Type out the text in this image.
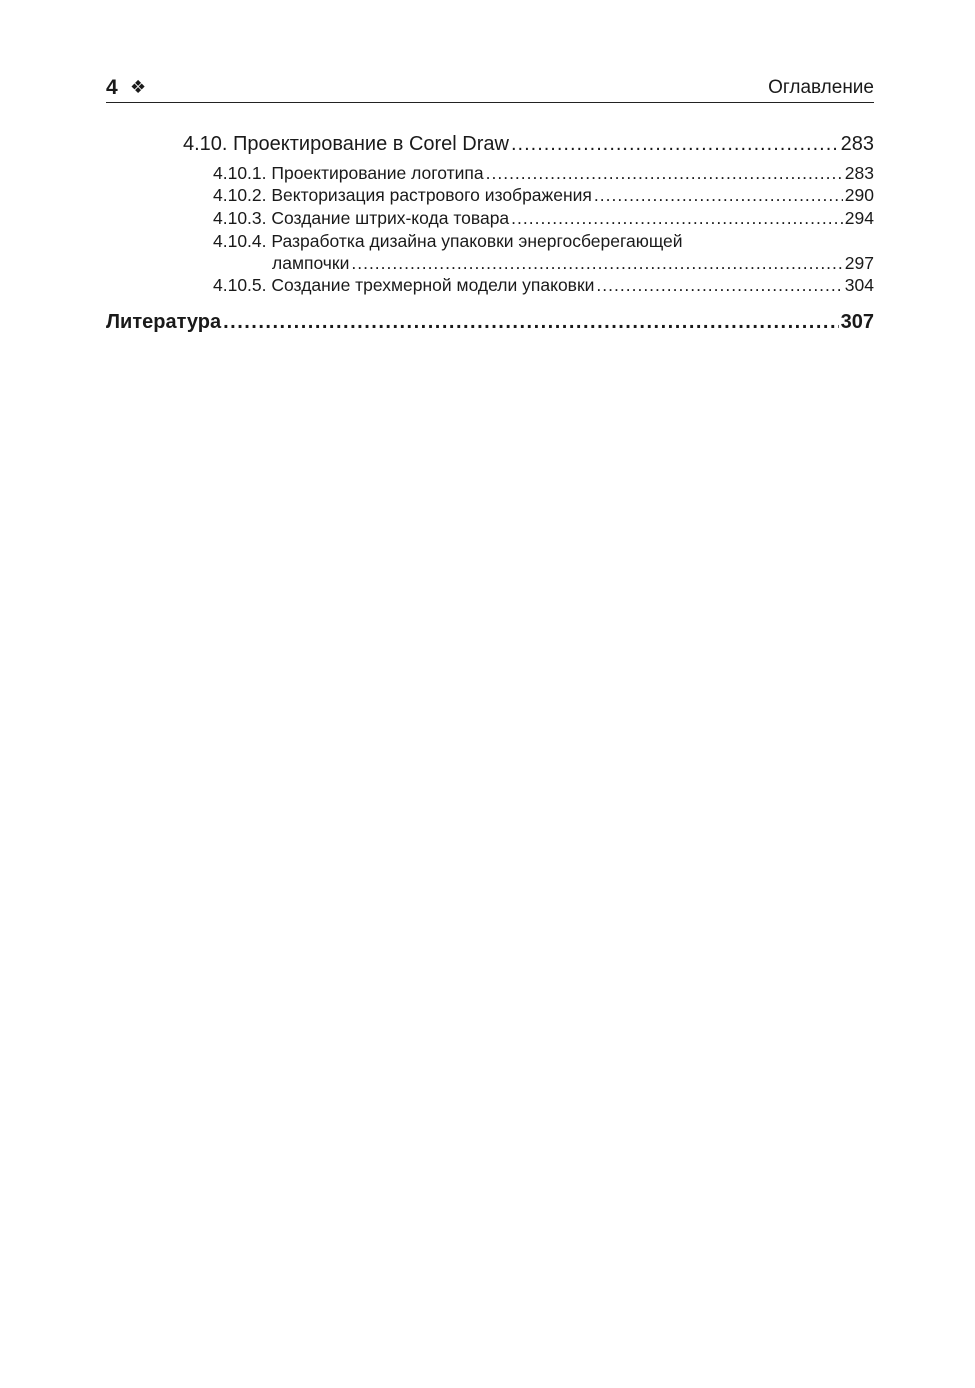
4 ❖	Оглавление
4.10. Проектирование в Corel Draw .....	283
4.10.1. Проектирование логотипа .....	283
4.10.2. Векторизация растрового изображения .....	290
4.10.3. Создание штрих-кода товара .....	294
4.10.4. Разработка дизайна упаковки энергосберегающей
лампочки .....	297
4.10.5. Создание трехмерной модели упаковки .....	304
Литература .....	307
